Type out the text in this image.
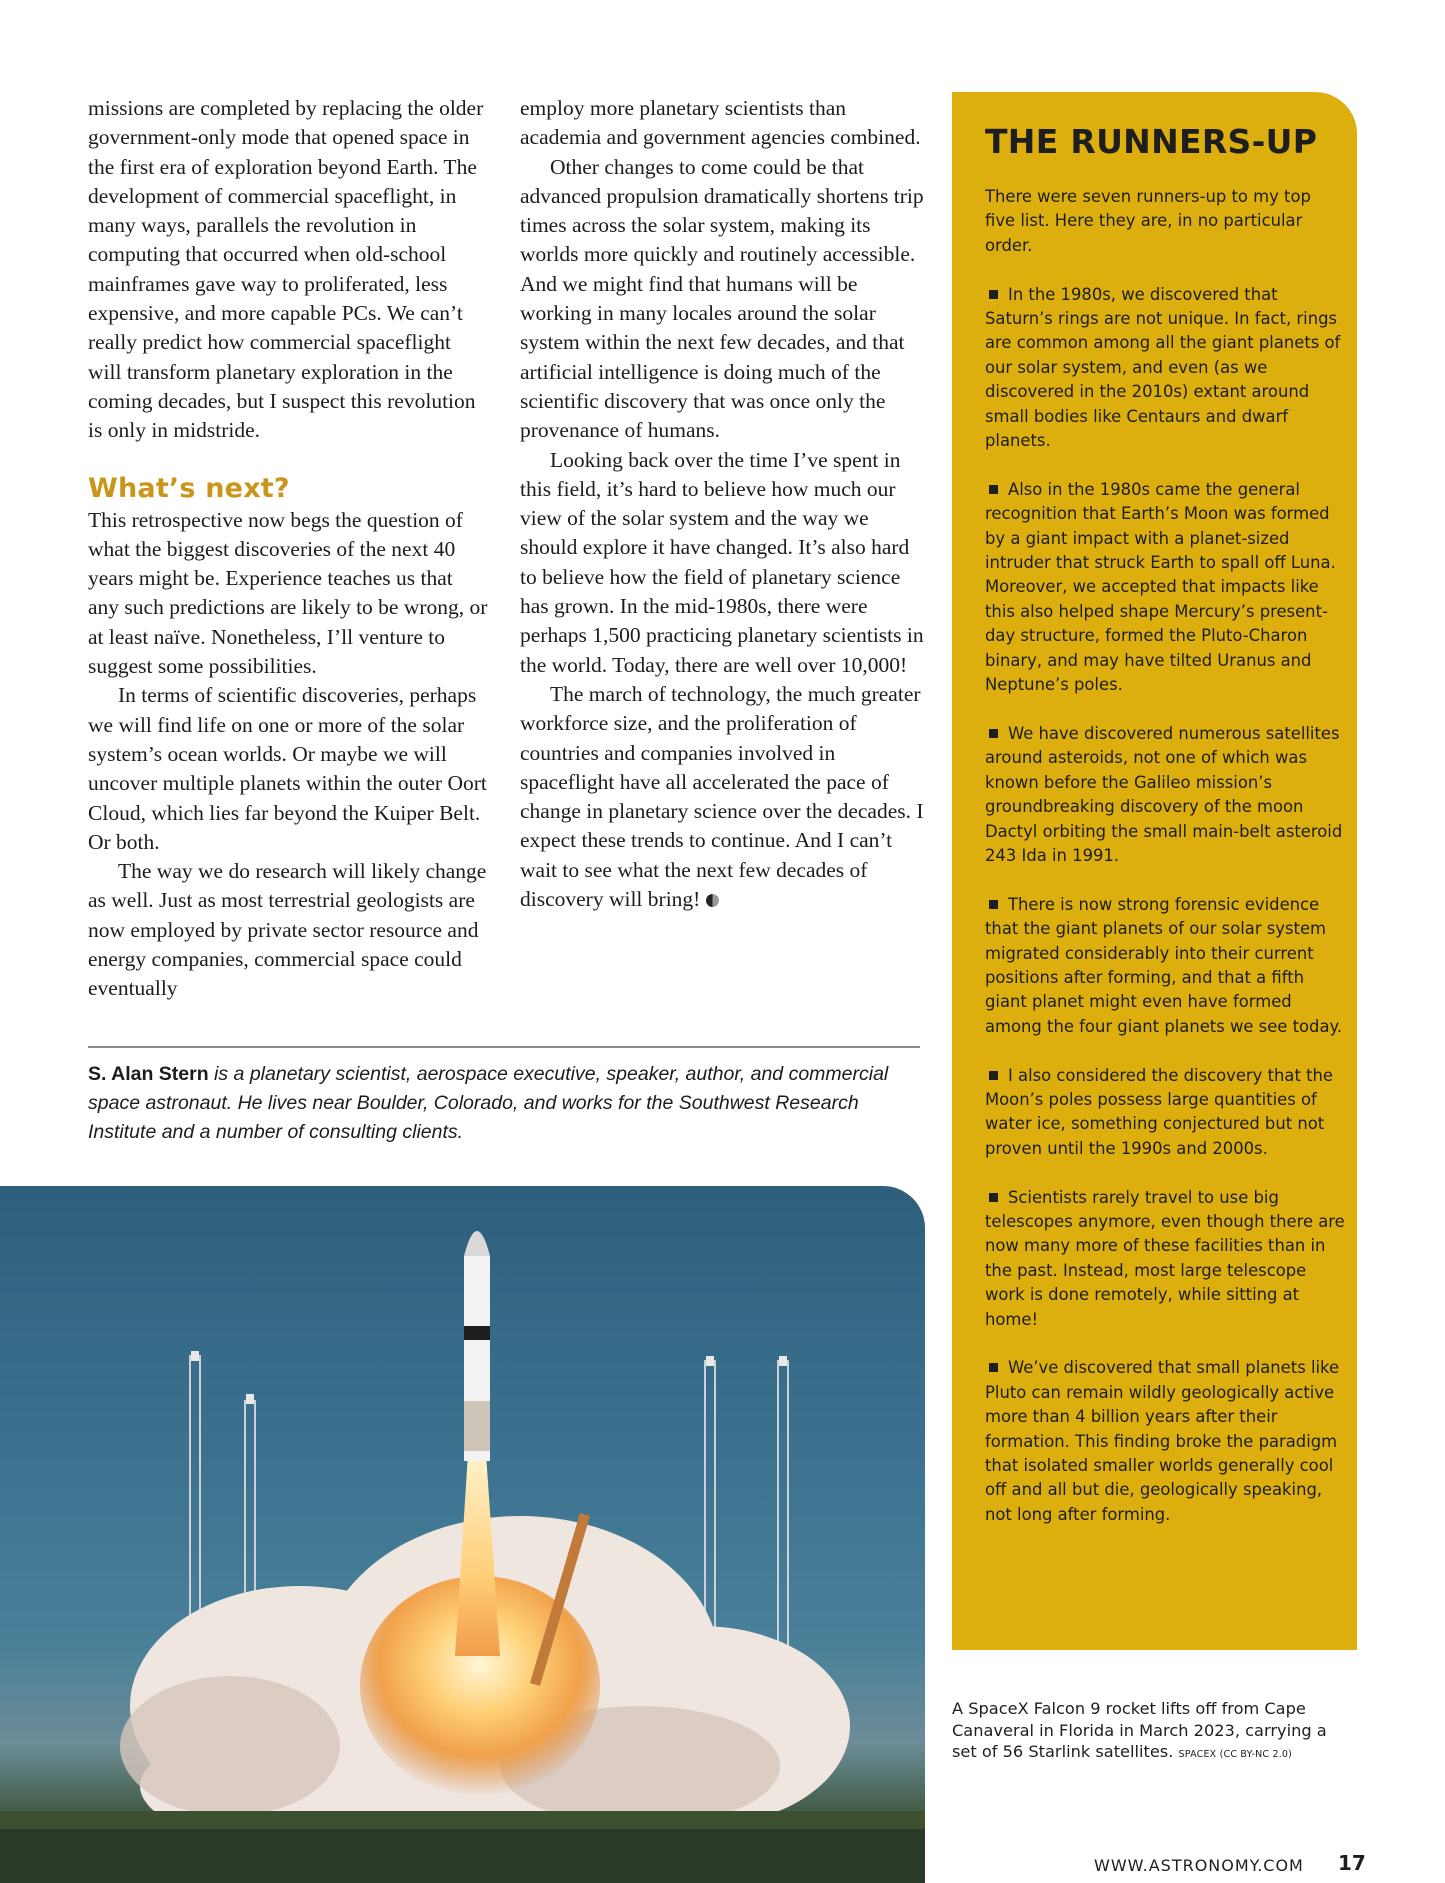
missions are completed by replacing the older government-only mode that opened space in the first era of exploration beyond Earth. The development of commercial spaceflight, in many ways, parallels the revolution in computing that occurred when old-school mainframes gave way to proliferated, less expensive, and more capable PCs. We can’t really predict how commercial spaceflight will transform planetary exploration in the coming decades, but I suspect this revolution is only in midstride.

What’s next?

This retrospective now begs the question of what the biggest discoveries of the next 40 years might be. Experience teaches us that any such predictions are likely to be wrong, or at least naïve. Nonetheless, I’ll venture to suggest some possibilities.

In terms of scientific discoveries, perhaps we will find life on one or more of the solar system’s ocean worlds. Or maybe we will uncover multiple planets within the outer Oort Cloud, which lies far beyond the Kuiper Belt. Or both.

The way we do research will likely change as well. Just as most terrestrial geologists are now employed by private sector resource and energy companies, commercial space could eventually

employ more planetary scientists than academia and government agencies combined.

Other changes to come could be that advanced propulsion dramatically shortens trip times across the solar system, making its worlds more quickly and routinely accessible. And we might find that humans will be working in many locales around the solar system within the next few decades, and that artificial intelligence is doing much of the scientific discovery that was once only the provenance of humans.

Looking back over the time I’ve spent in this field, it’s hard to believe how much our view of the solar system and the way we should explore it have changed. It’s also hard to believe how the field of planetary science has grown. In the mid-1980s, there were perhaps 1,500 practicing planetary scientists in the world. Today, there are well over 10,000!

The march of technology, the much greater workforce size, and the proliferation of countries and companies involved in spaceflight have all accelerated the pace of change in planetary science over the decades. I expect these trends to continue. And I can’t wait to see what the next few decades of discovery will bring!

S. Alan Stern is a planetary scientist, aerospace executive, speaker, author, and commercial space astronaut. He lives near Boulder, Colorado, and works for the Southwest Research Institute and a number of consulting clients.

THE RUNNERS-UP

There were seven runners-up to my top five list. Here they are, in no particular order.

In the 1980s, we discovered that Saturn’s rings are not unique. In fact, rings are common among all the giant planets of our solar system, and even (as we discovered in the 2010s) extant around small bodies like Centaurs and dwarf planets.

Also in the 1980s came the general recognition that Earth’s Moon was formed by a giant impact with a planet-sized intruder that struck Earth to spall off Luna. Moreover, we accepted that impacts like this also helped shape Mercury’s present-day structure, formed the Pluto-Charon binary, and may have tilted Uranus and Neptune’s poles.

We have discovered numerous satellites around asteroids, not one of which was known before the Galileo mission’s groundbreaking discovery of the moon Dactyl orbiting the small main-belt asteroid 243 Ida in 1991.

There is now strong forensic evidence that the giant planets of our solar system migrated considerably into their current positions after forming, and that a fifth giant planet might even have formed among the four giant planets we see today.

I also considered the discovery that the Moon’s poles possess large quantities of water ice, something conjectured but not proven until the 1990s and 2000s.

Scientists rarely travel to use big telescopes anymore, even though there are now many more of these facilities than in the past. Instead, most large telescope work is done remotely, while sitting at home!

We’ve discovered that small planets like Pluto can remain wildly geologically active more than 4 billion years after their formation. This finding broke the paradigm that isolated smaller worlds generally cool off and all but die, geologically speaking, not long after forming.

A SpaceX Falcon 9 rocket lifts off from Cape Canaveral in Florida in March 2023, carrying a set of 56 Starlink satellites. SPACEX (CC BY-NC 2.0)

WWW.ASTRONOMY.COM 17
